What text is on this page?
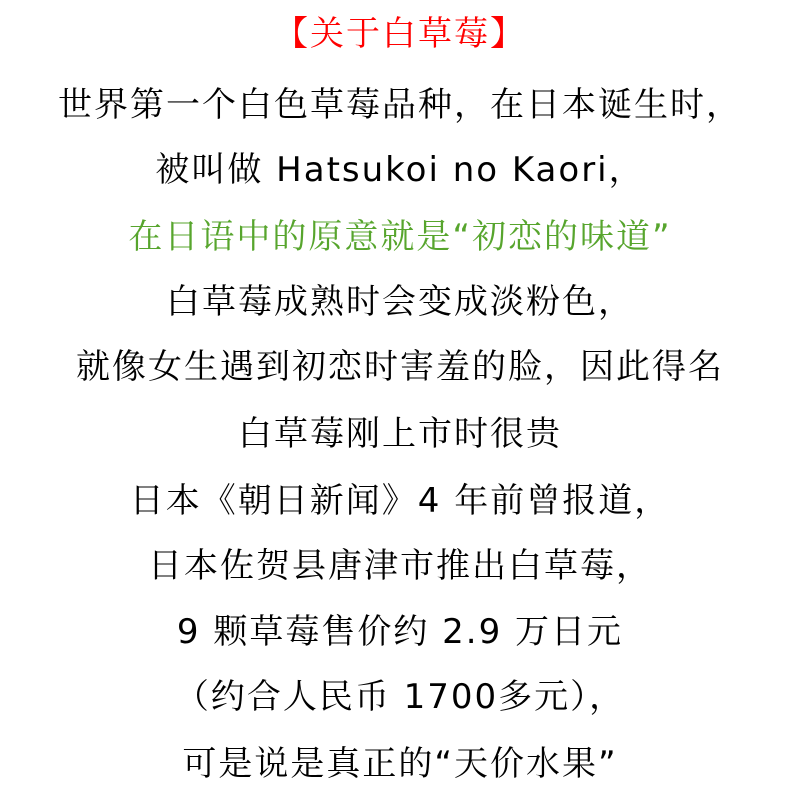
【关于白草莓】
世界第一个白色草莓品种，在日本诞生时，
被叫做 Hatsukoi no Kaori，
在日语中的原意就是“初恋的味道”
白草莓成熟时会变成淡粉色，
就像女生遇到初恋时害羞的脸，因此得名
白草莓刚上市时很贵
日本《朝日新闻》4 年前曾报道，
日本佐贺县唐津市推出白草莓，
9 颗草莓售价约 2.9 万日元
（约合人民币 1700多元），
可是说是真正的“天价水果”
